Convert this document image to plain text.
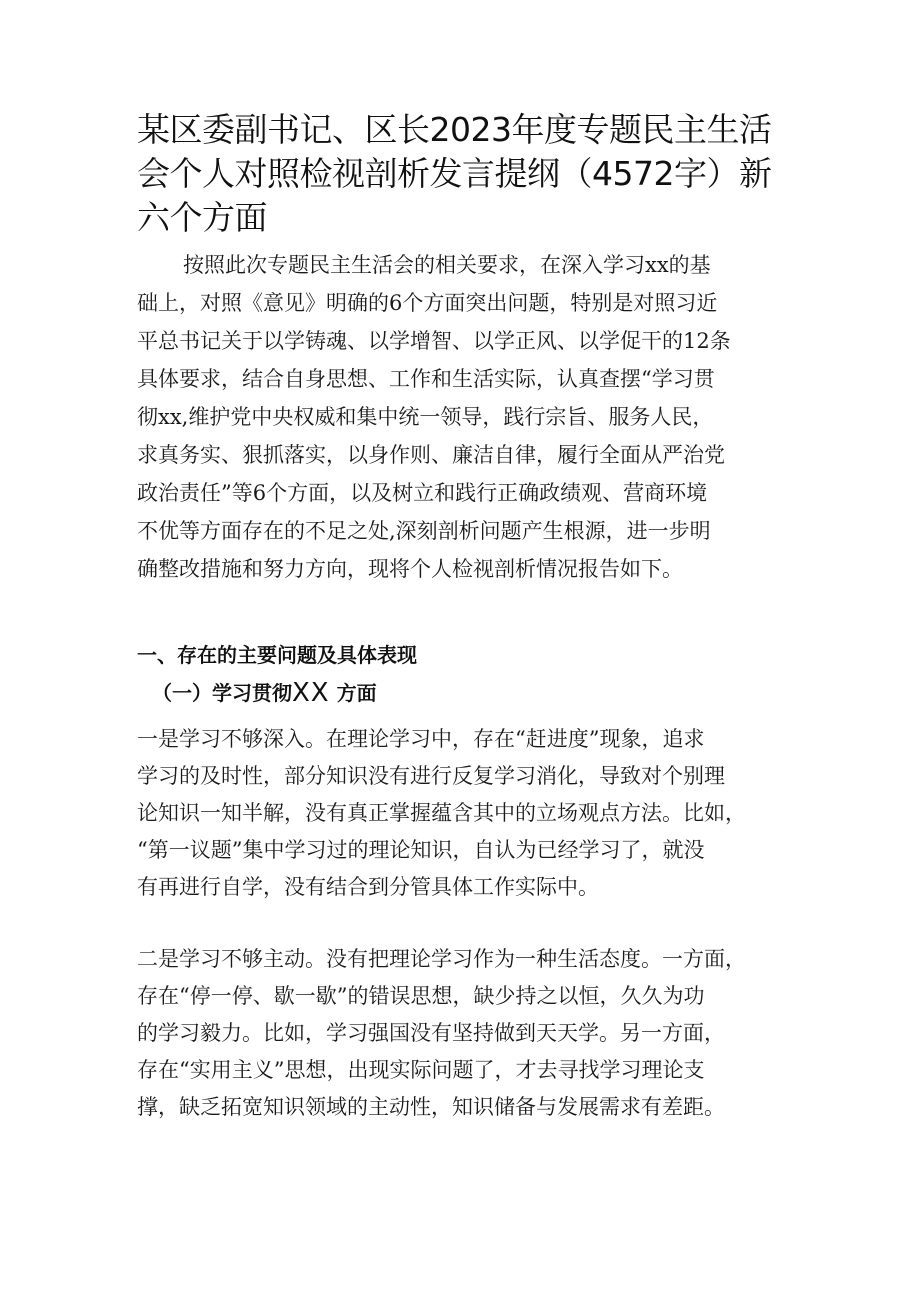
某区委副书记、区长2023年度专题民主生活
会个人对照检视剖析发言提纲（4572字）新
六个方面
按照此次专题民主生活会的相关要求，在深入学习xx的基
础上，对照《意见》明确的6个方面突出问题，特别是对照习近
平总书记关于以学铸魂、以学增智、以学正风、以学促干的12条
具体要求，结合自身思想、工作和生活实际，认真查摆“学习贯
彻xx,维护党中央权威和集中统一领导，践行宗旨、服务人民，
求真务实、狠抓落实，以身作则、廉洁自律，履行全面从严治党
政治责任”等6个方面，以及树立和践行正确政绩观、营商环境
不优等方面存在的不足之处,深刻剖析问题产生根源，进一步明
确整改措施和努力方向，现将个人检视剖析情况报告如下。
一、存在的主要问题及具体表现
（一）学习贯彻XX 方面
一是学习不够深入。在理论学习中，存在“赶进度”现象，追求
学习的及时性，部分知识没有进行反复学习消化，导致对个别理
论知识一知半解，没有真正掌握蕴含其中的立场观点方法。比如，
“第一议题”集中学习过的理论知识，自认为已经学习了，就没
有再进行自学，没有结合到分管具体工作实际中。
二是学习不够主动。没有把理论学习作为一种生活态度。一方面，
存在“停一停、歇一歇”的错误思想，缺少持之以恒，久久为功
的学习毅力。比如，学习强国没有坚持做到天天学。另一方面，
存在“实用主义”思想，出现实际问题了，才去寻找学习理论支
撑，缺乏拓宽知识领域的主动性，知识储备与发展需求有差距。
